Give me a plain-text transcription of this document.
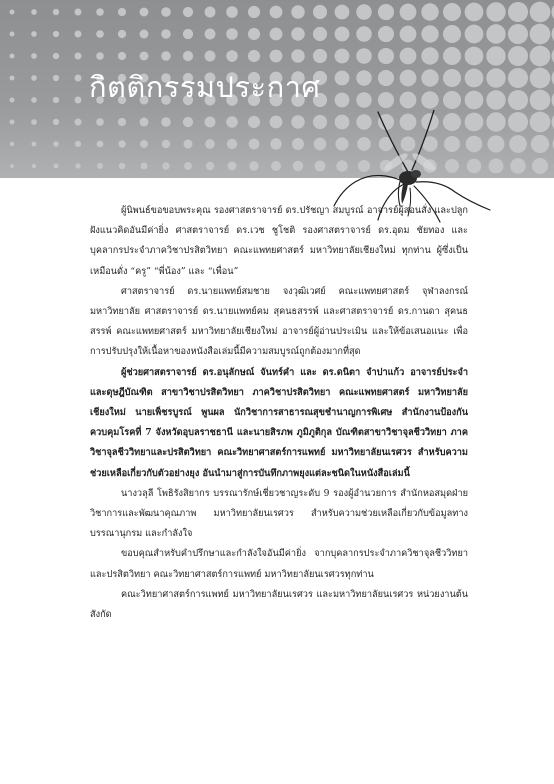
กิตติกรรมประกาศ

ผู้นิพนธ์ขอขอบพระคุณ รองศาสตราจารย์ ดร.ปรัชญา สมบูรณ์ อาจารย์ผู้สอนสั่ง และปลูกฝังแนวคิดอันมีค่ายิ่ง ศาสตราจารย์ ดร.เวช ชูโชติ รองศาสตราจารย์ ดร.อุดม ชัยทอง และบุคลากรประจำภาควิชาปรสิตวิทยา คณะแพทยศาสตร์ มหาวิทยาลัยเชียงใหม่ ทุกท่าน ผู้ซึ่งเป็นเหมือนดั่ง “ครู” “พี่น้อง” และ “เพื่อน”

ศาสตราจารย์ ดร.นายแพทย์สมชาย จงวุฒิเวศย์ คณะแพทยศาสตร์ จุฬาลงกรณ์มหาวิทยาลัย ศาสตราจารย์ ดร.นายแพทย์คม สุคนธสรรพ์ และศาสตราจารย์ ดร.กานดา สุคนธสรรพ์ คณะแพทยศาสตร์ มหาวิทยาลัยเชียงใหม่ อาจารย์ผู้อ่านประเมิน และให้ข้อเสนอแนะ เพื่อการปรับปรุงให้เนื้อหาของหนังสือเล่มนี้มีความสมบูรณ์ถูกต้องมากที่สุด

ผู้ช่วยศาสตราจารย์ ดร.อนุลักษณ์ จันทร์คำ และ ดร.ดนิตา จำปาแก้ว อาจารย์ประจำ และดุษฎีบัณฑิต สาขาวิชาปรสิตวิทยา ภาควิชาปรสิตวิทยา คณะแพทยศาสตร์ มหาวิทยาลัยเชียงใหม่ นายเพ็ชรบูรณ์ พูนผล นักวิชาการสาธารณสุขชำนาญการพิเศษ สำนักงานป้องกันควบคุมโรคที่ 7 จังหวัดอุบลราชธานี และนายสิรภพ ภูมิภูติกุล บัณฑิตสาขาวิชาจุลชีววิทยา ภาควิชาจุลชีววิทยาและปรสิตวิทยา คณะวิทยาศาสตร์การแพทย์ มหาวิทยาลัยนเรศวร สำหรับความช่วยเหลือเกี่ยวกับตัวอย่างยุง อันนำมาสู่การบันทึกภาพยุงแต่ละชนิดในหนังสือเล่มนี้

นางวลุลี โพธิรังสิยากร บรรณารักษ์เชี่ยวชาญระดับ 9 รองผู้อำนวยการ สำนักหอสมุดฝ่ายวิชาการและพัฒนาคุณภาพ มหาวิทยาลัยนเรศวร สำหรับความช่วยเหลือเกี่ยวกับข้อมูลทางบรรณานุกรม และกำลังใจ

ขอบคุณสำหรับคำปรึกษาและกำลังใจอันมีค่ายิ่ง จากบุคลากรประจำภาควิชาจุลชีววิทยาและปรสิตวิทยา คณะวิทยาศาสตร์การแพทย์ มหาวิทยาลัยนเรศวรทุกท่าน

คณะวิทยาศาสตร์การแพทย์ มหาวิทยาลัยนเรศวร และมหาวิทยาลัยนเรศวร หน่วยงานต้นสังกัด
